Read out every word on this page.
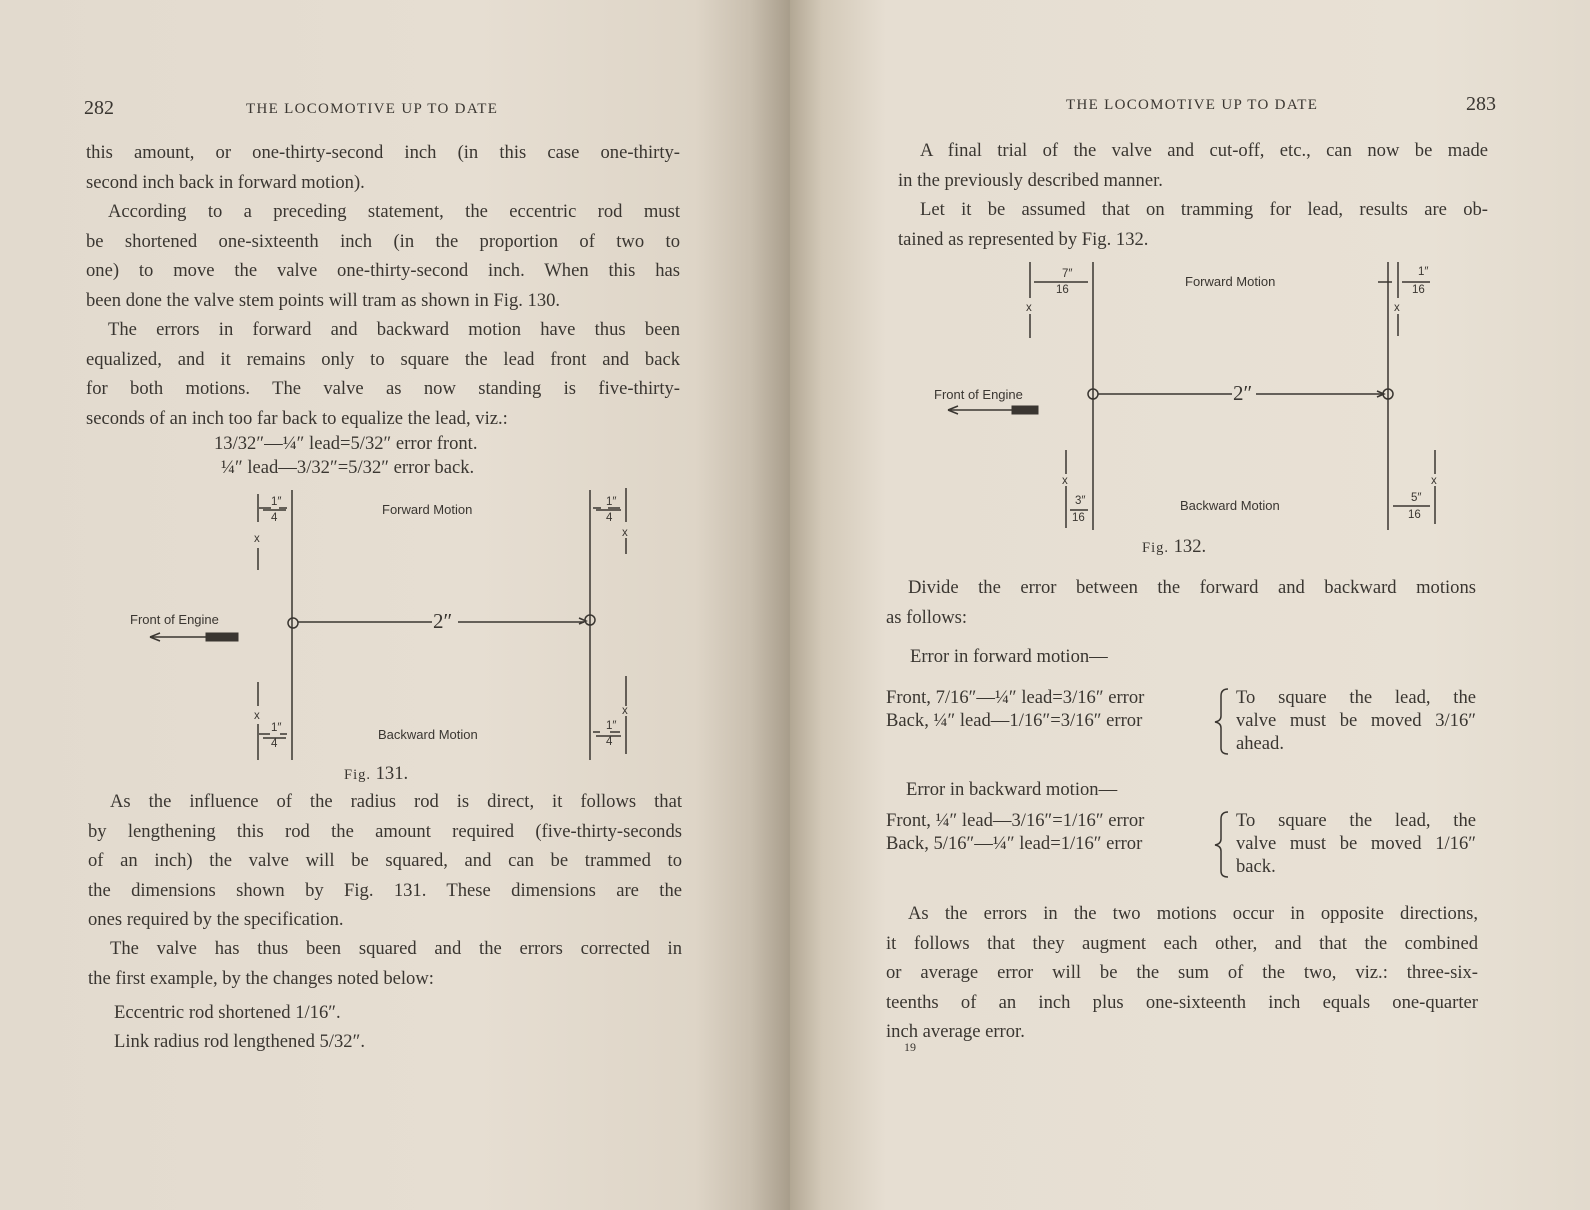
282	THE LOCOMOTIVE UP TO DATE
this amount, or one-thirty-second inch (in this case one-thirty-
second inch back in forward motion).
According to a preceding statement, the eccentric rod must
be shortened one-sixteenth inch (in the proportion of two to
one) to move the valve one-thirty-second inch. When this has
been done the valve stem points will tram as shown in Fig. 130.
The errors in forward and backward motion have thus been
equalized, and it remains only to square the lead front and back
for both motions. The valve as now standing is five-thirty-
seconds of an inch too far back to equalize the lead, viz.:
13/32″—¼″ lead=5/32″ error front.
¼″ lead—3/32″=5/32″ error back.
2″
Forward Motion
Backward Motion
Front of Engine
1″
4
1″
4
1″
4
1″
4
x	x
x	x
Fig. 131.
As the influence of the radius rod is direct, it follows that
by lengthening this rod the amount required (five-thirty-seconds
of an inch) the valve will be squared, and can be trammed to
the dimensions shown by Fig. 131. These dimensions are the
ones required by the specification.
The valve has thus been squared and the errors corrected in
the first example, by the changes noted below:
Eccentric rod shortened 1/16″.
Link radius rod lengthened 5/32″.
THE LOCOMOTIVE UP TO DATE	283
A final trial of the valve and cut-off, etc., can now be made
in the previously described manner.
Let it be assumed that on tramming for lead, results are ob-
tained as represented by Fig. 132.
2″
Forward Motion
Backward Motion
Front of Engine
7″
16
1″
16
3″
16
5″
16
x	x
x	x
Fig. 132.
Divide the error between the forward and backward motions
as follows:
Error in forward motion—
Front, 7/16″—¼″ lead=3/16″ error
Back, ¼″ lead—1/16″=3/16″ error
To square the lead, the
valve must be moved 3/16″
ahead.
Error in backward motion—
Front, ¼″ lead—3/16″=1/16″ error
Back, 5/16″—¼″ lead=1/16″ error
To square the lead, the
valve must be moved 1/16″
back.
As the errors in the two motions occur in opposite directions,
it follows that they augment each other, and that the combined
or average error will be the sum of the two, viz.: three-six-
teenths of an inch plus one-sixteenth inch equals one-quarter
inch average error.
19
